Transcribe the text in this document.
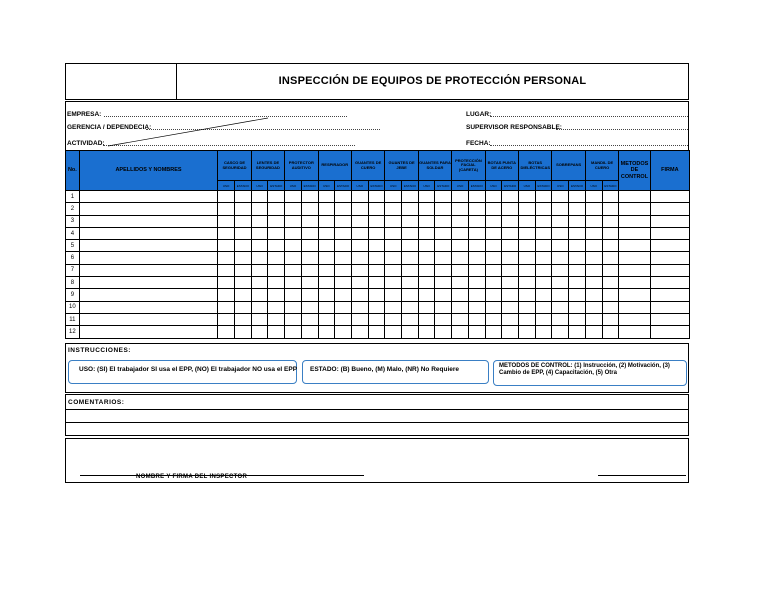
INSPECCIÓN DE EQUIPOS DE PROTECCIÓN PERSONAL
EMPRESA:
GERENCIA / DEPENDECIA:
ACTIVIDAD:
LUGAR:
SUPERVISOR RESPONSABLE:
FECHA:
No.	APELLIDOS Y NOMBRES	CASCO DE SEGURIDAD		LENTES DE SEGURIDAD		PROTECTOR AUDITIVO		RESPIRADOR		GUANTES DE CUERO		GUANTES DE JEBE		GUANTES PARA SOLDAR		PROTECCIÓN FACIAL (CARETA)		BOTAS PUNTA DE ACERO		BOTAS DIELÉCTRICAS		SOBREPANS		MANDIL DE CUERO		METODOS DE CONTROL	FIRMA
		USO	ESTADO	USO	ESTADO	USO	ESTADO	USO	ESTADO	USO	ESTADO	USO	ESTADO	USO	ESTADO	USO	ESTADO	USO	ESTADO	USO	ESTADO	USO	ESTADO	USO	ESTADO		
1																											
2																											
3																											
4																											
5																											
6																											
7																											
8																											
9																											
10																											
11																											
12																											
INSTRUCCIONES:
USO: (SI) El trabajador SI usa el EPP, (NO) El trabajador NO usa el EPP ESTADO: (B) Bueno, (M) Malo, (NR) No Requiere	METODOS DE CONTROL: (1) Instrucción, (2) Motivación, (3) Cambio de EPP, (4) Capacitación, (5) Otra
COMENTARIOS:
NOMBRE Y FIRMA DEL INSPECTOR
